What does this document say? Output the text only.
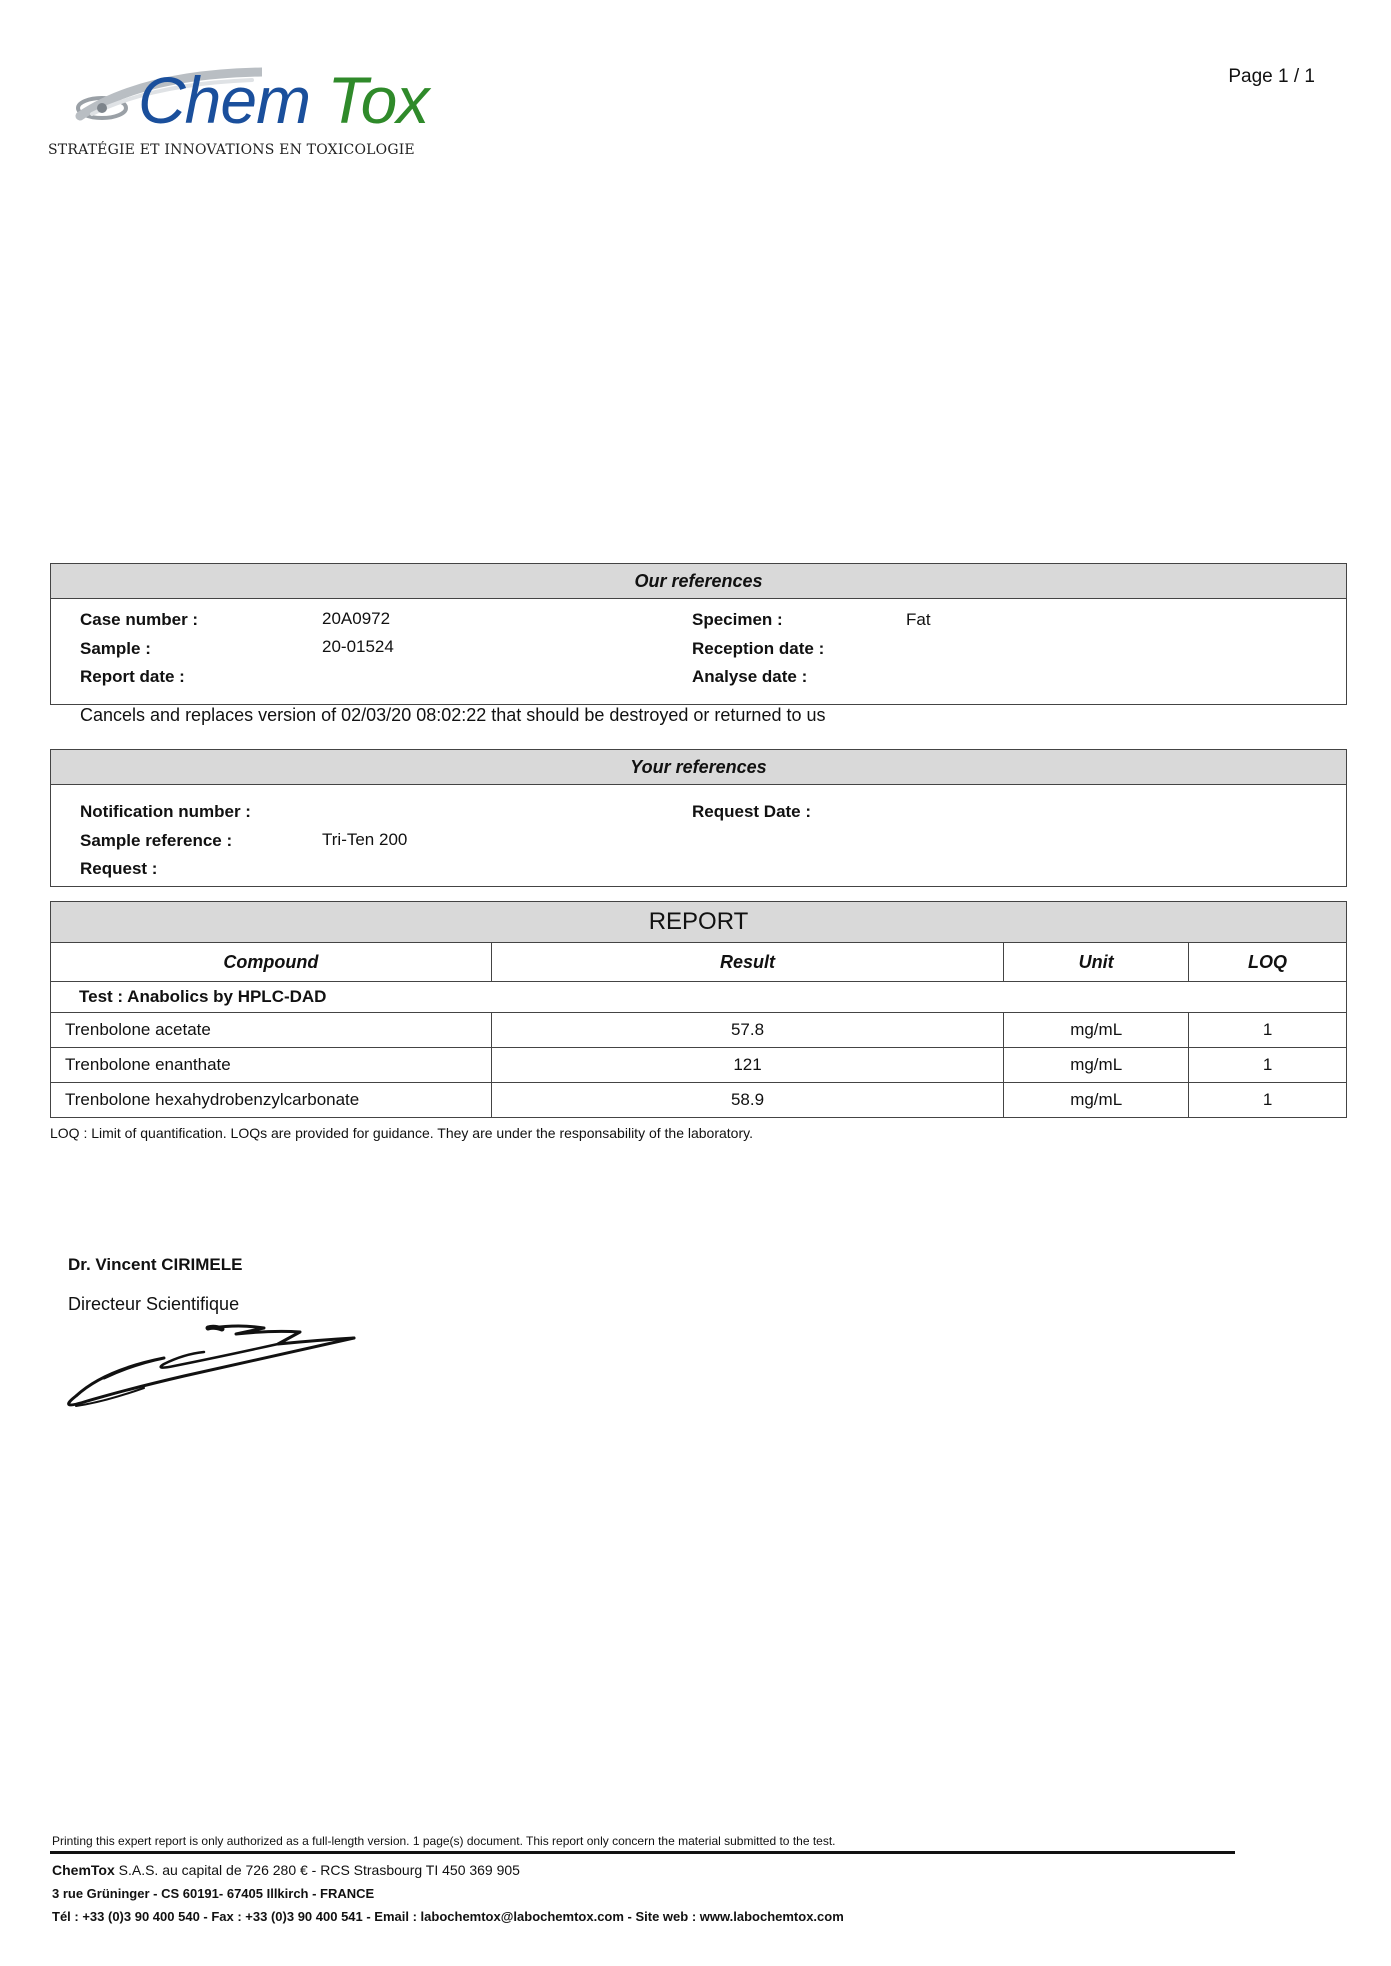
Chem Tox
STRATÉGIE ET INNOVATIONS EN TOXICOLOGIE
Page 1 / 1
Our references
Case number :	20A0972
Sample :	20-01524
Report date :
Specimen :	Fat
Reception date :
Analyse date :
Cancels and replaces version of 02/03/20 08:02:22 that should be destroyed or returned to us
Your references
Notification number :
Sample reference :	Tri-Ten 200
Request :
Request Date :
REPORT			
Compound	Result	Unit	LOQ
Test : Anabolics by HPLC-DAD			
Trenbolone acetate	57.8	mg/mL	1
Trenbolone enanthate	121	mg/mL	1
Trenbolone hexahydrobenzylcarbonate	58.9	mg/mL	1
LOQ : Limit of quantification. LOQs are provided for guidance. They are under the responsability of the laboratory.
Dr. Vincent CIRIMELE
Directeur Scientifique
Printing this expert report is only authorized as a full-length version. 1 page(s) document. This report only concern the material submitted to the test.
ChemTox S.A.S. au capital de 726 280 € - RCS Strasbourg TI 450 369 905
3 rue Grüninger - CS 60191- 67405 Illkirch - FRANCE
Tél : +33 (0)3 90 400 540 - Fax : +33 (0)3 90 400 541 - Email : labochemtox@labochemtox.com - Site web : www.labochemtox.com
